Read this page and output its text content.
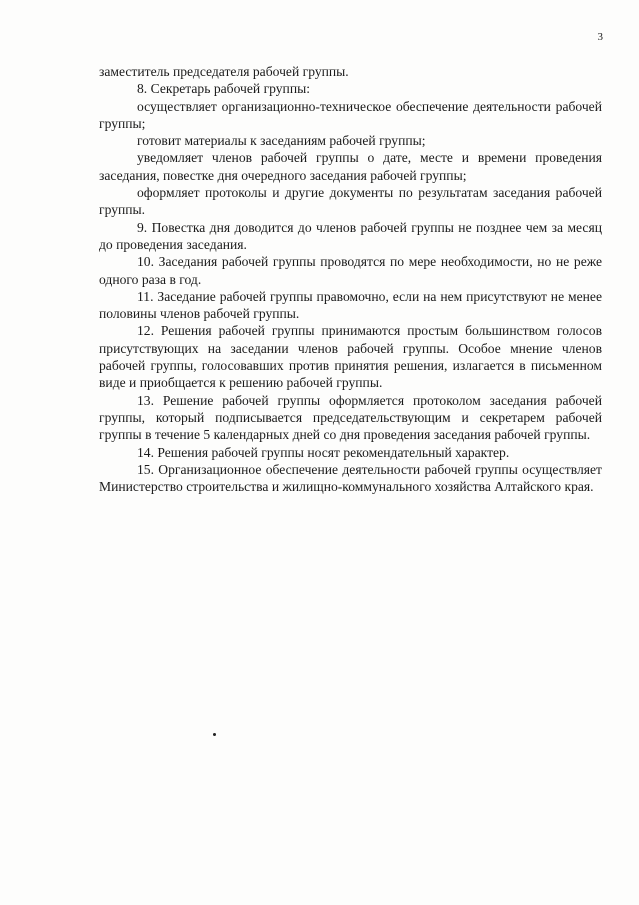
3

заместитель председателя рабочей группы.

8. Секретарь рабочей группы:

осуществляет организационно-техническое обеспечение деятельности рабочей группы;

готовит материалы к заседаниям рабочей группы;

уведомляет членов рабочей группы о дате, месте и времени проведения заседания, повестке дня очередного заседания рабочей группы;

оформляет протоколы и другие документы по результатам заседания рабочей группы.

9. Повестка дня доводится до членов рабочей группы не позднее чем за месяц до проведения заседания.

10. Заседания рабочей группы проводятся по мере необходимости, но не реже одного раза в год.

11. Заседание рабочей группы правомочно, если на нем присутствуют не менее половины членов рабочей группы.

12. Решения рабочей группы принимаются простым большинством голосов присутствующих на заседании членов рабочей группы. Особое мнение членов рабочей группы, голосовавших против принятия решения, излагается в письменном виде и приобщается к решению рабочей группы.

13. Решение рабочей группы оформляется протоколом заседания рабочей группы, который подписывается председательствующим и секретарем рабочей группы в течение 5 календарных дней со дня проведения заседания рабочей группы.

14. Решения рабочей группы носят рекомендательный характер.

15. Организационное обеспечение деятельности рабочей группы осуществляет Министерство строительства и жилищно-коммунального хозяйства Алтайского края.
